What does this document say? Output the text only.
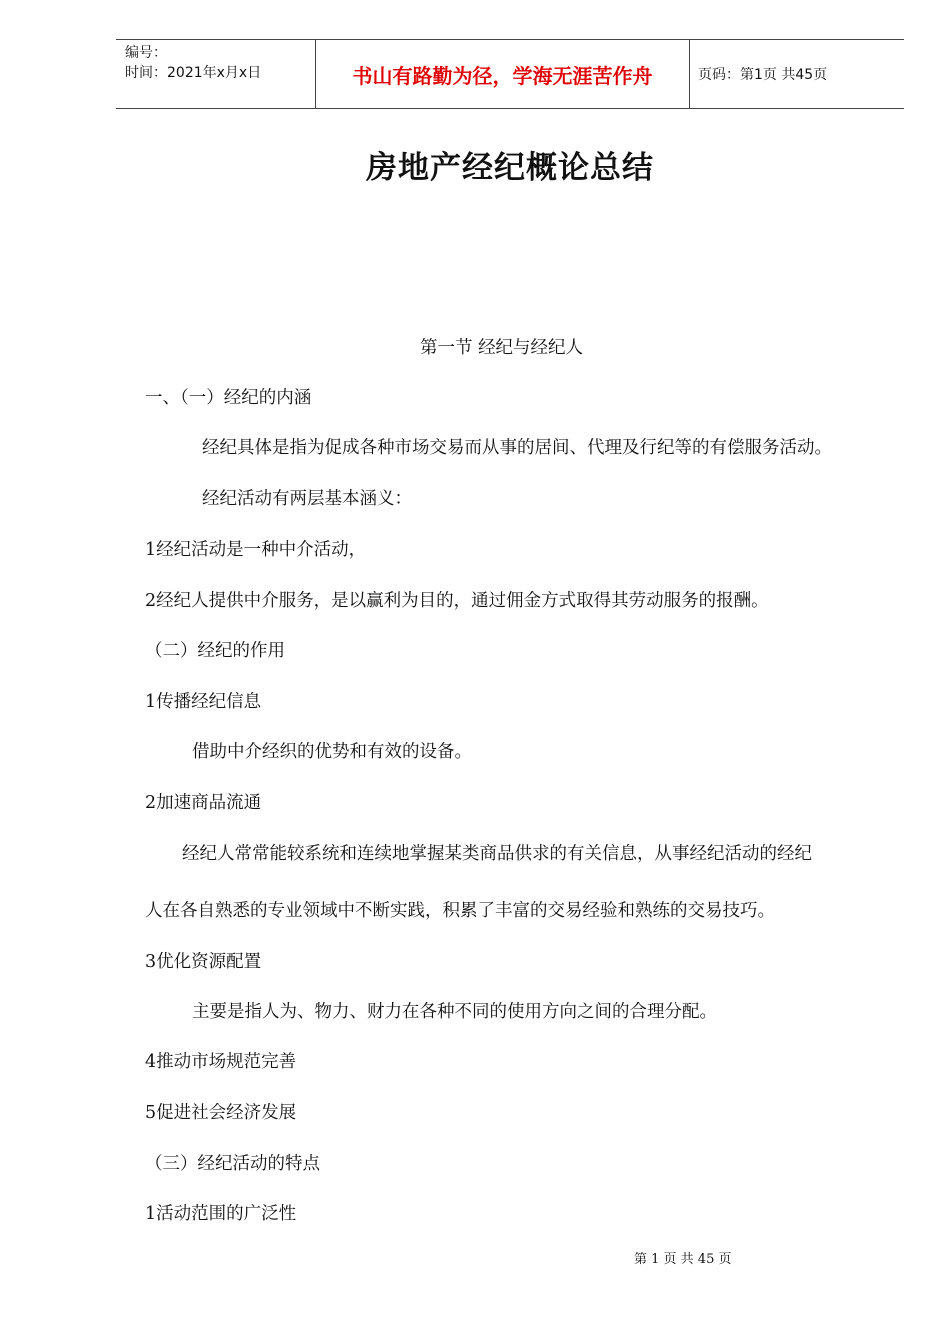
编号：
时间：2021年x月x日	书山有路勤为径，学海无涯苦作舟	页码：第1页 共45页
房地产经纪概论总结
第一节 经纪与经纪人
一、（一）经纪的内涵
经纪具体是指为促成各种市场交易而从事的居间、代理及行纪等的有偿服务活动。
经纪活动有两层基本涵义：
1经纪活动是一种中介活动，
2经纪人提供中介服务，是以赢利为目的，通过佣金方式取得其劳动服务的报酬。
（二）经纪的作用
1传播经纪信息
借助中介经织的优势和有效的设备。
2加速商品流通
经纪人常常能较系统和连续地掌握某类商品供求的有关信息，从事经纪活动的经纪
人在各自熟悉的专业领域中不断实践，积累了丰富的交易经验和熟练的交易技巧。
3优化资源配置
主要是指人为、物力、财力在各种不同的使用方向之间的合理分配。
4推动市场规范完善
5促进社会经济发展
（三）经纪活动的特点
1活动范围的广泛性
第 1 页 共 45 页
